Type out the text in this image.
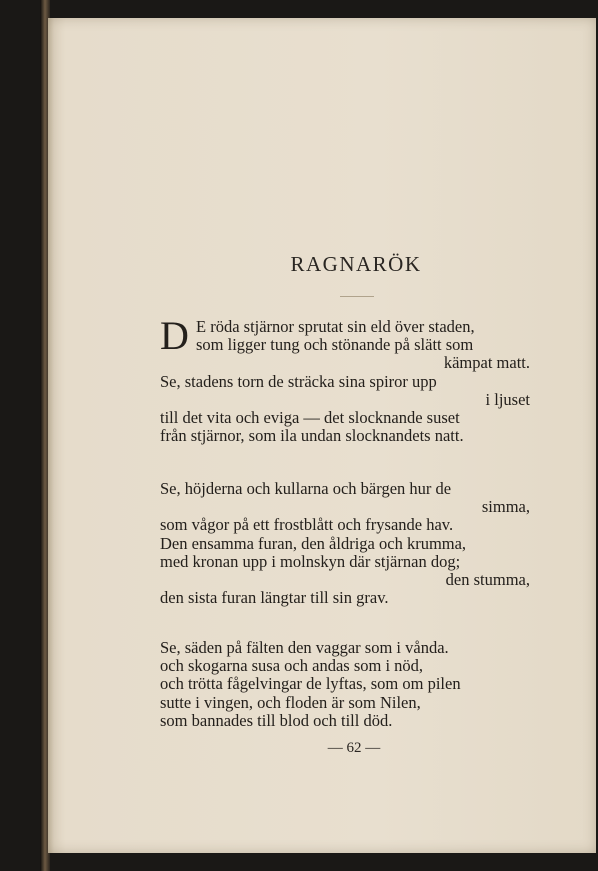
RAGNARÖK
D E röda stjärnor sprutat sin eld över staden,
som ligger tung och stönande på slätt som
kämpat matt.
Se, stadens torn de sträcka sina spiror upp
i ljuset
till det vita och eviga — det slocknande suset
från stjärnor, som ila undan slocknandets natt.
Se, höjderna och kullarna och bärgen hur de
simma,
som vågor på ett frostblått och frysande hav.
Den ensamma furan, den åldriga och krumma,
med kronan upp i molnskyn där stjärnan dog;
den stumma,
den sista furan längtar till sin grav.
Se, säden på fälten den vaggar som i vånda.
och skogarna susa och andas som i nöd,
och trötta fågelvingar de lyftas, som om pilen
sutte i vingen, och floden är som Nilen,
som bannades till blod och till död.
— 62 —
